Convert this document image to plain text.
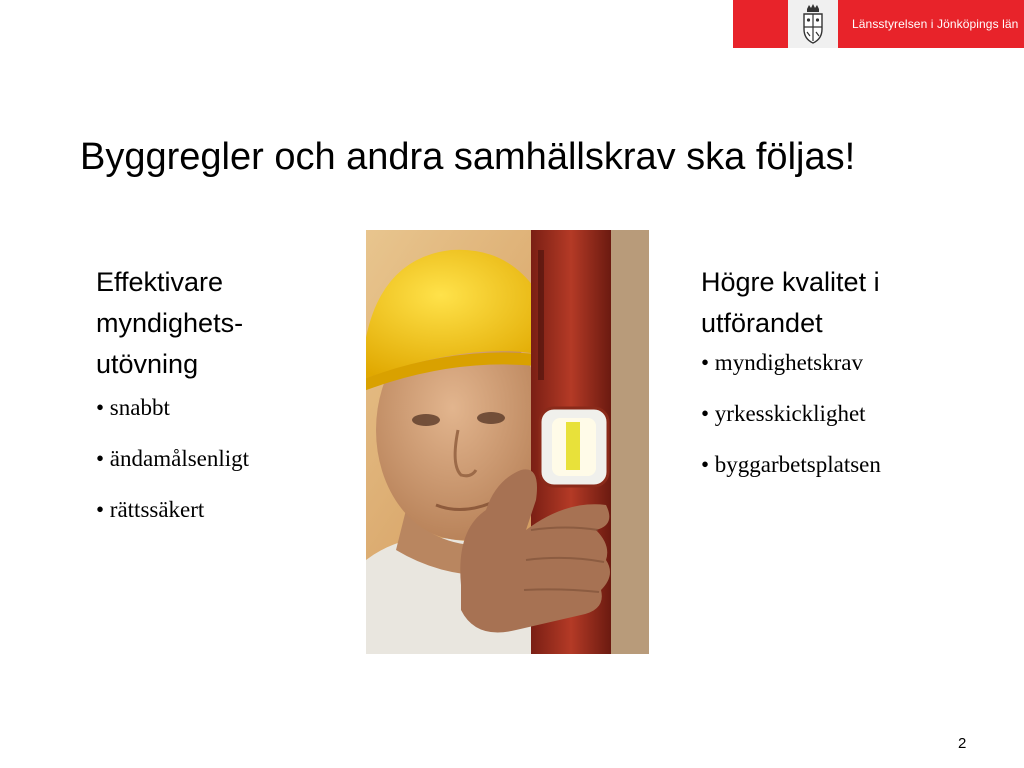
Länsstyrelsen i Jönköpings län
Byggregler och andra samhällskrav ska följas!
Effektivare
myndighets-
utövning
• snabbt
• ändamålsenligt
• rättssäkert
Högre kvalitet i
utförandet
• myndighetskrav
• yrkesskicklighet
• byggarbetsplatsen
2
